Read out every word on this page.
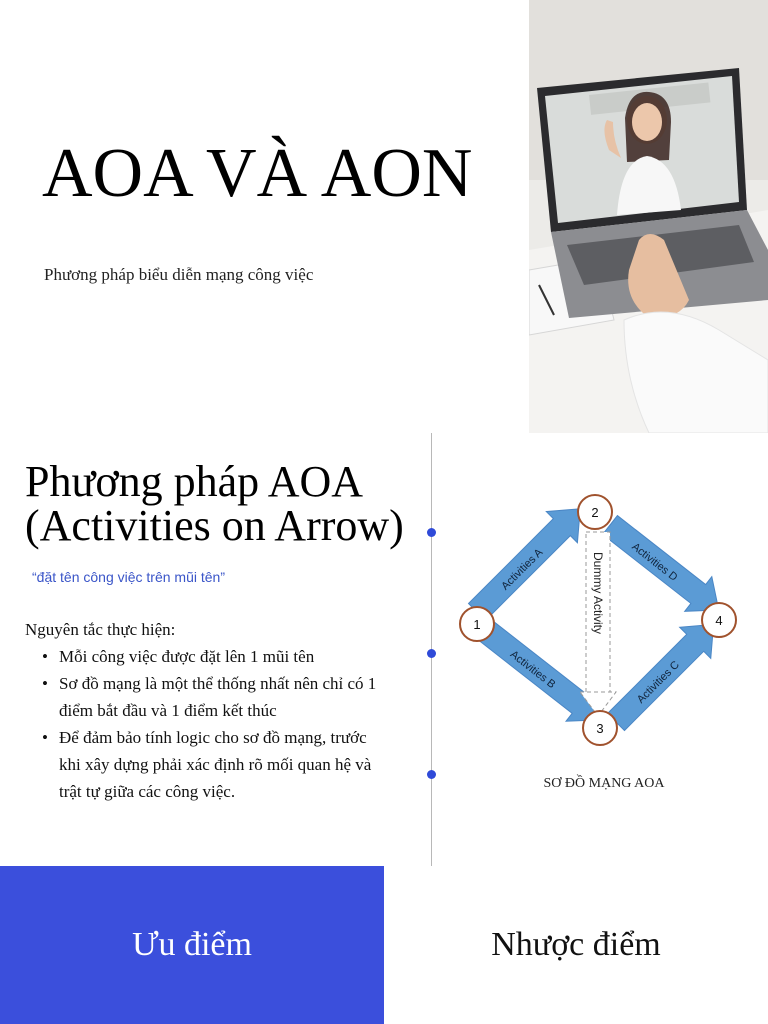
AOA VÀ AON
Phương pháp biểu diễn mạng công việc
Phương pháp AOA (Activities on Arrow)
“đặt tên công việc trên mũi tên”
Nguyên tắc thực hiện:
• Mỗi công việc được đặt lên 1 mũi tên
• Sơ đồ mạng là một thể thống nhất nên chỉ có 1 điểm bắt đầu và 1 điểm kết thúc
• Để đảm bảo tính logic cho sơ đồ mạng, trước khi xây dựng phải xác định rõ mối quan hệ và trật tự giữa các công việc.
Activities A
Activities B
Activities D
Activities C
Dummy Activity
1
2
3
4
SƠ ĐỒ MẠNG AOA
Ưu điểm	Nhược điểm
